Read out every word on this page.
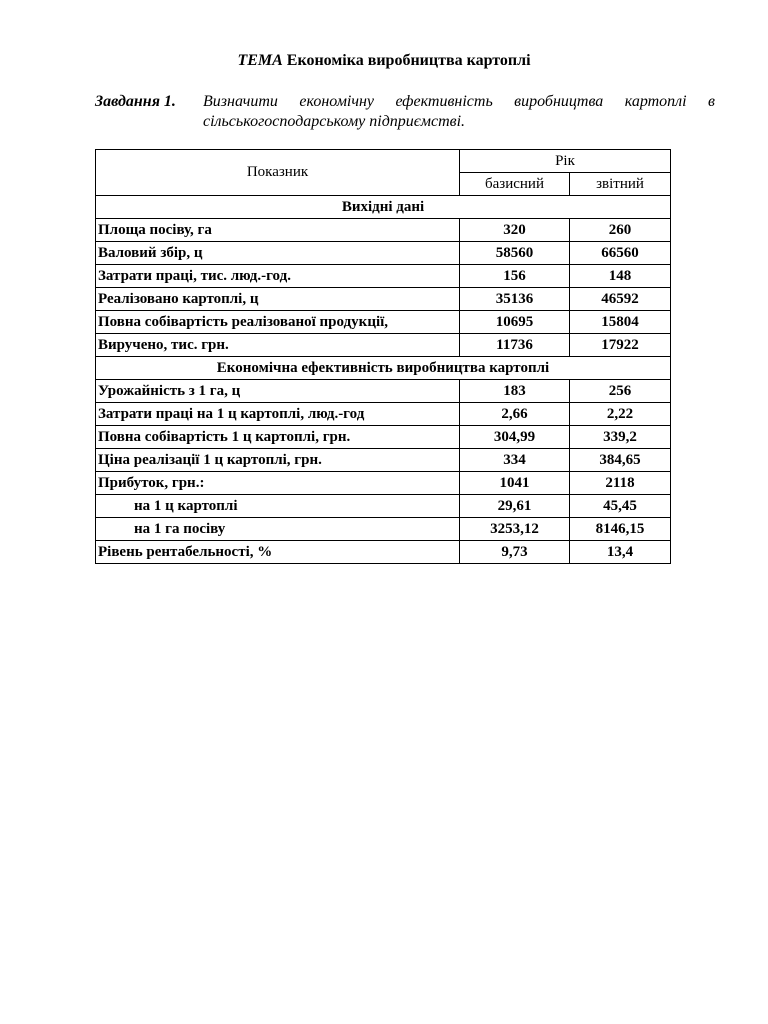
ТЕМА Економіка виробництва картоплі
Завдання 1. Визначити економічну ефективність виробництва картоплі в сільськогосподарському підприємстві.
Показник	Рік	
	базисний	звітний
Вихідні дані		
Площа посіву, га	320	260
Валовий збір, ц	58560	66560
Затрати праці, тис. люд.-год.	156	148
Реалізовано картоплі, ц	35136	46592
Повна собівартість реалізованої продукції,	10695	15804
Виручено, тис. грн.	11736	17922
Економічна ефективність виробництва картоплі		
Урожайність з 1 га, ц	183	256
Затрати праці на 1 ц картоплі, люд.-год	2,66	2,22
Повна собівартість 1 ц картоплі, грн.	304,99	339,2
Ціна реалізації 1 ц картоплі, грн.	334	384,65
Прибуток, грн.:	1041	2118
на 1 ц картоплі	29,61	45,45
на 1 га посіву	3253,12	8146,15
Рівень рентабельності, %	9,73	13,4
